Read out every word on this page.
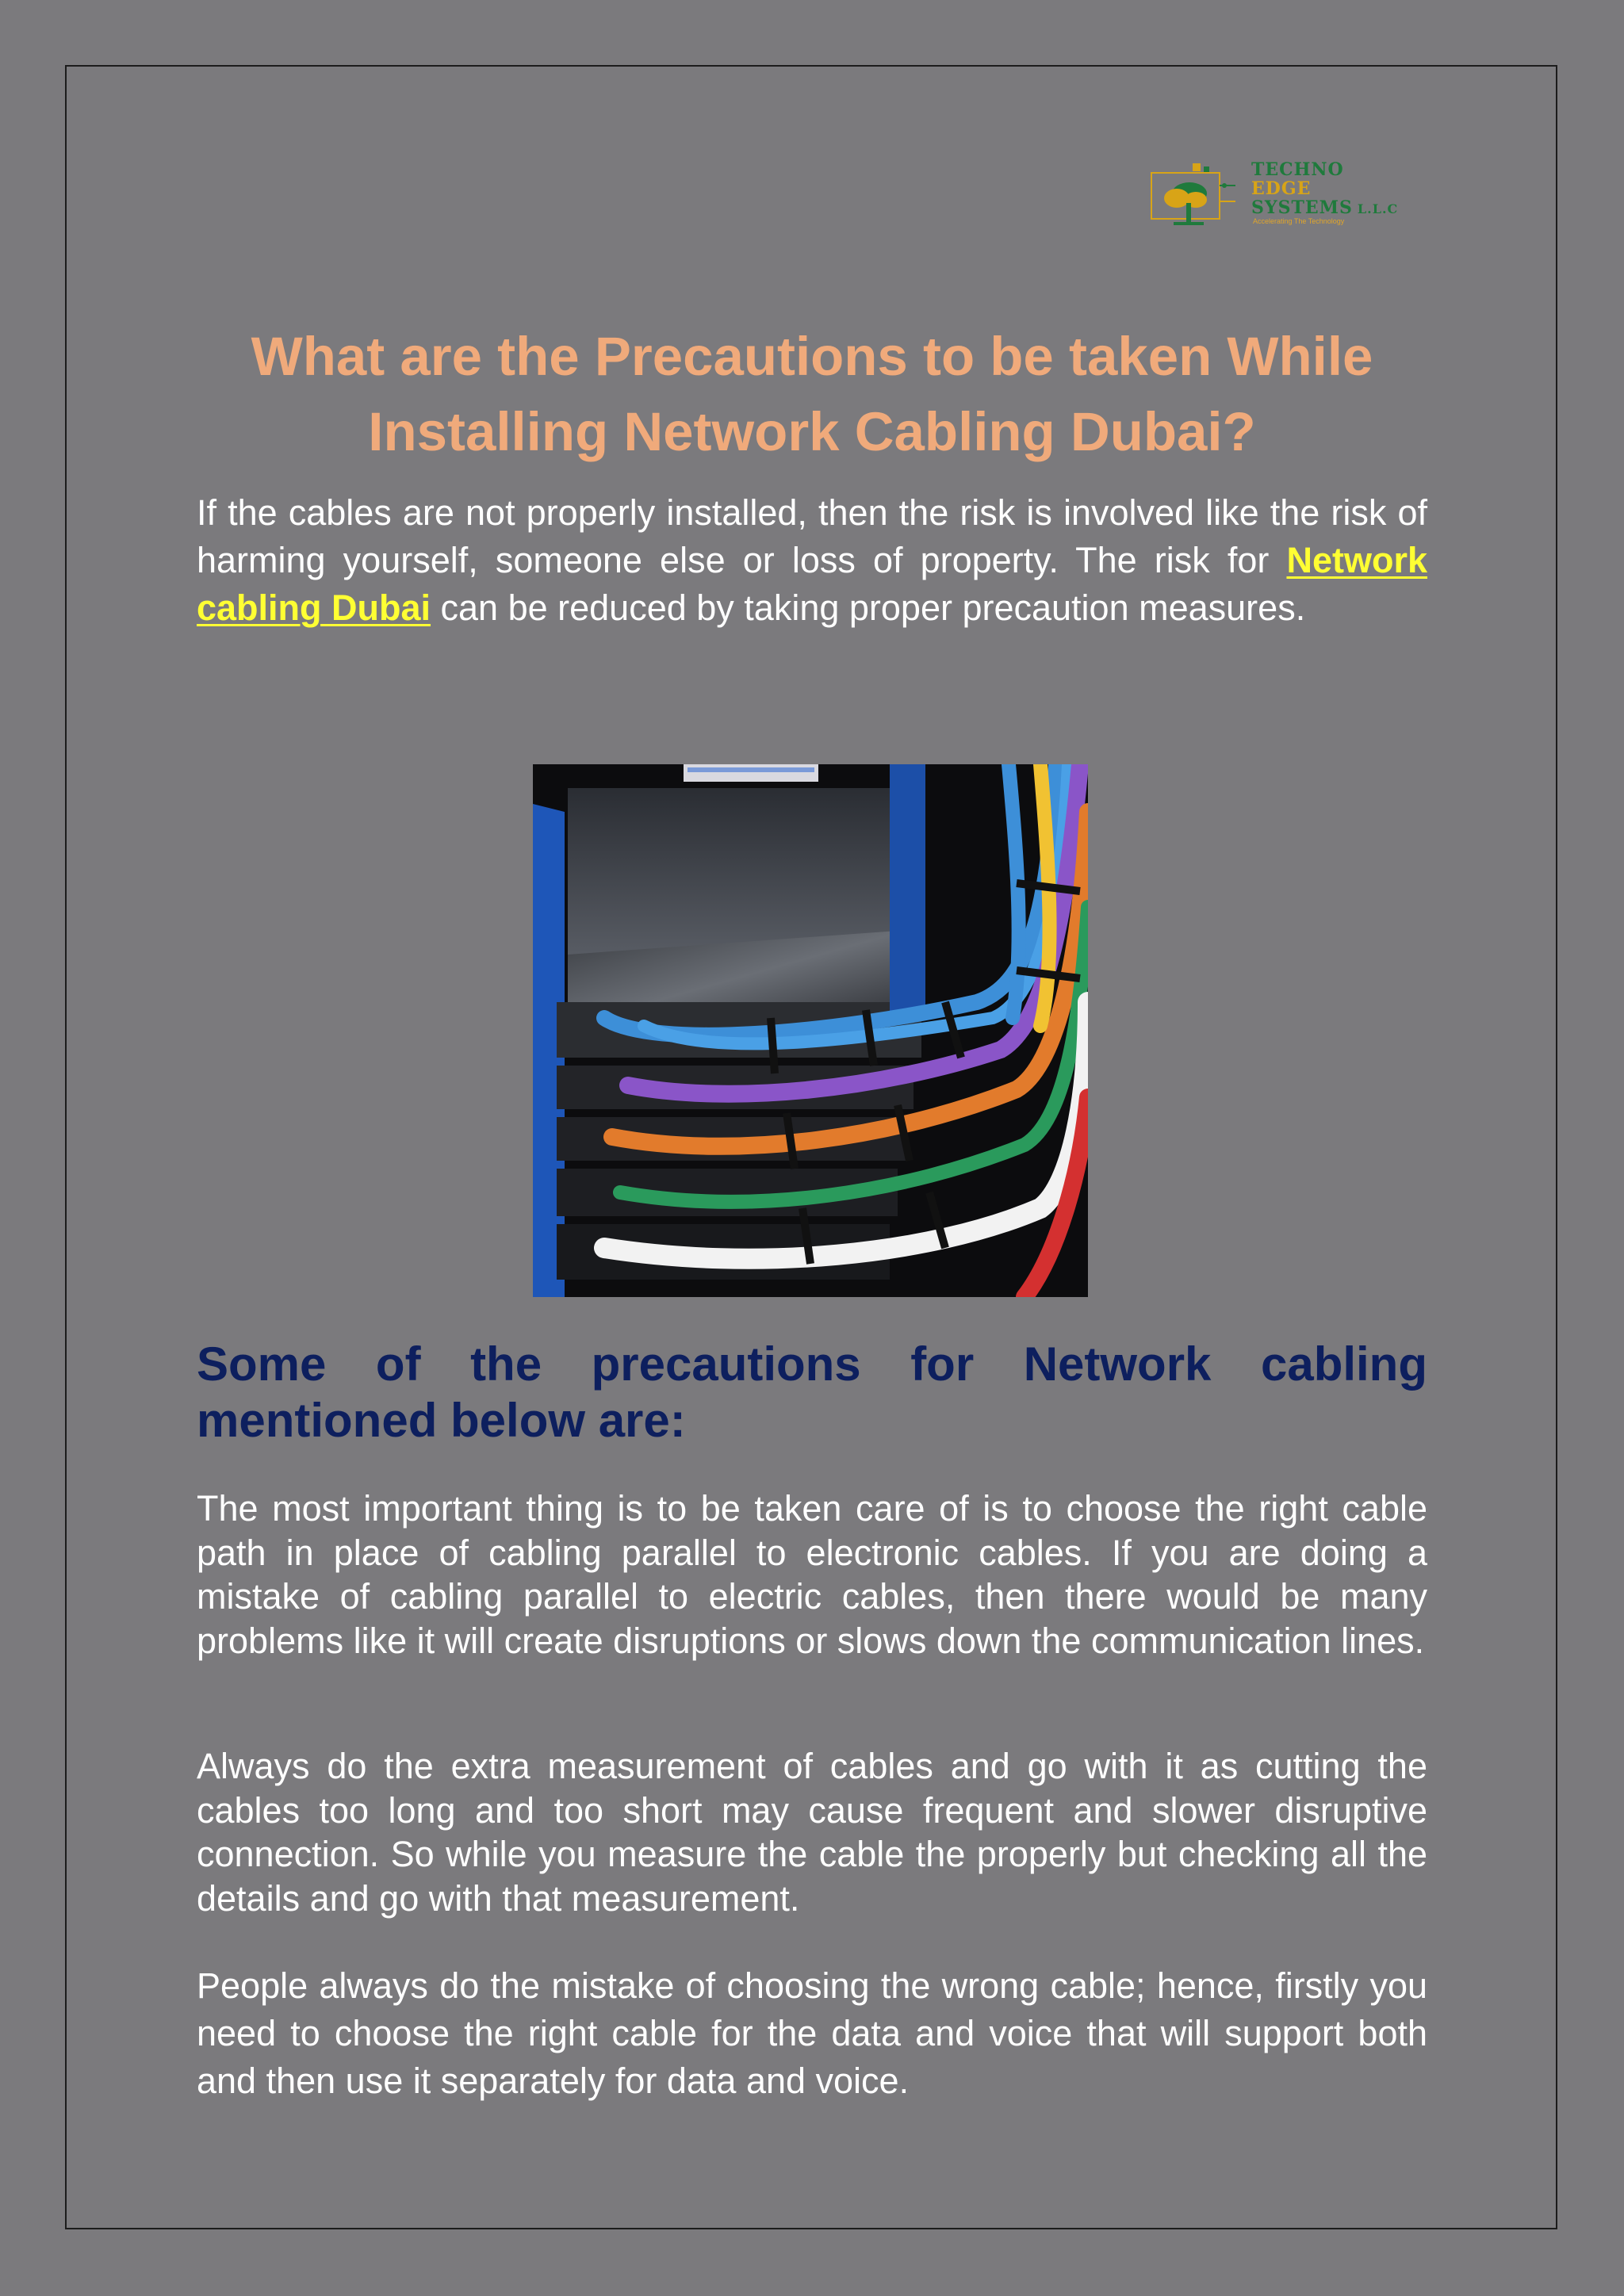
TECHNO
EDGE
SYSTEMS L.L.C
Accelerating The Technology
What are the Precautions to be taken While Installing Network Cabling Dubai?

If the cables are not properly installed, then the risk is involved like the risk of harming yourself, someone else or loss of property. The risk for Network cabling Dubai can be reduced by taking proper precaution measures.

Some of the precautions for Network cabling mentioned below are:

The most important thing is to be taken care of is to choose the right cable path in place of cabling parallel to electronic cables. If you are doing a mistake of cabling parallel to electric cables, then there would be many problems like it will create disruptions or slows down the communication lines.

Always do the extra measurement of cables and go with it as cutting the cables too long and too short may cause frequent and slower disruptive connection. So while you measure the cable the properly but checking all the details and go with that measurement.

People always do the mistake of choosing the wrong cable; hence, firstly you need to choose the right cable for the data and voice that will support both and then use it separately for data and voice.
